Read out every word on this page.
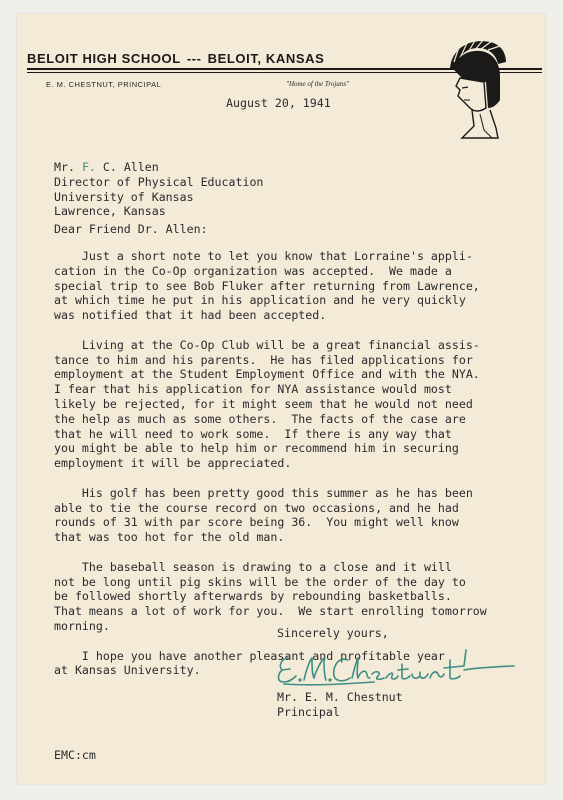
BELOIT HIGH SCHOOL --- BELOIT, KANSAS
E. M. CHESTNUT, PRINCIPAL	"Home of the Trojans"
August 20, 1941
Mr. F. C. Allen
Director of Physical Education
University of Kansas
Lawrence, Kansas
Dear Friend Dr. Allen:
Just a short note to let you know that Lorraine's appli-
cation in the Co-Op organization was accepted.  We made a
special trip to see Bob Fluker after returning from Lawrence,
at which time he put in his application and he very quickly
was notified that it had been accepted.

Living at the Co-Op Club will be a great financial assis-
tance to him and his parents.  He has filed applications for
employment at the Student Employment Office and with the NYA.
I fear that his application for NYA assistance would most
likely be rejected, for it might seem that he would not need
the help as much as some others.  The facts of the case are
that he will need to work some.  If there is any way that
you might be able to help him or recommend him in securing
employment it will be appreciated.

His golf has been pretty good this summer as he has been
able to tie the course record on two occasions, and he had
rounds of 31 with par score being 36.  You might well know
that was too hot for the old man.

The baseball season is drawing to a close and it will
not be long until pig skins will be the order of the day to
be followed shortly afterwards by rebounding basketballs.
That means a lot of work for you.  We start enrolling tomorrow
morning.

I hope you have another pleasant and profitable year
at Kansas University.
Sincerely yours,
Mr. E. M. Chestnut
Principal
EMC:cm
